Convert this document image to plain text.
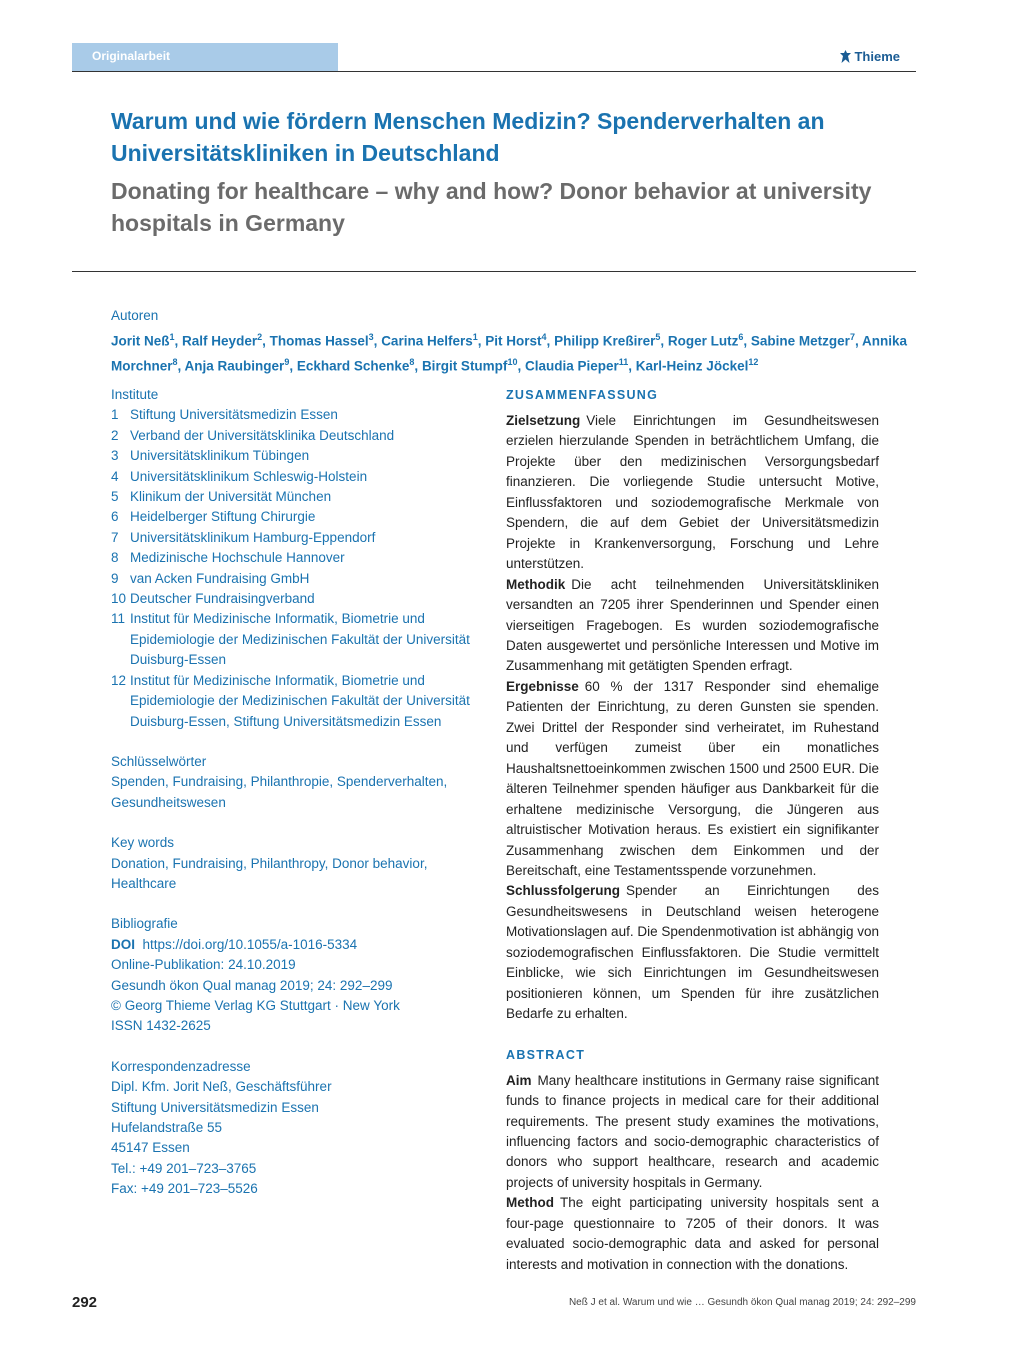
Originalarbeit	Thieme
Warum und wie fördern Menschen Medizin? Spenderverhalten an Universitätskliniken in Deutschland
Donating for healthcare – why and how? Donor behavior at university hospitals in Germany
Autoren
Jorit Neß$^1$, Ralf Heyder$^2$, Thomas Hassel$^3$, Carina Helfers$^1$, Pit Horst$^4$, Philipp Kreßirer$^5$, Roger Lutz$^6$, Sabine Metzger$^7$, Annika Morchner$^8$, Anja Raubinger$^9$, Eckhard Schenke$^8$, Birgit Stumpf$^{10}$, Claudia Pieper$^{11}$, Karl-Heinz Jöckel$^{12}$
Institute
1 Stiftung Universitätsmedizin Essen
2 Verband der Universitätsklinika Deutschland
3 Universitätsklinikum Tübingen
4 Universitätsklinikum Schleswig-Holstein
5 Klinikum der Universität München
6 Heidelberger Stiftung Chirurgie
7 Universitätsklinikum Hamburg-Eppendorf
8 Medizinische Hochschule Hannover
9 van Acken Fundraising GmbH
10 Deutscher Fundraisingverband
11 Institut für Medizinische Informatik, Biometrie und Epidemiologie der Medizinischen Fakultät der Universität Duisburg-Essen
12 Institut für Medizinische Informatik, Biometrie und Epidemiologie der Medizinischen Fakultät der Universität Duisburg-Essen, Stiftung Universitätsmedizin Essen
Schlüsselwörter
Spenden, Fundraising, Philanthropie, Spenderverhalten, Gesundheitswesen
Key words
Donation, Fundraising, Philanthropy, Donor behavior, Healthcare
Bibliografie
DOI https://doi.org/10.1055/a-1016-5334
Online-Publikation: 24.10.2019
Gesundh ökon Qual manag 2019; 24: 292–299
© Georg Thieme Verlag KG Stuttgart · New York
ISSN 1432-2625
Korrespondenzadresse
Dipl. Kfm. Jorit Neß, Geschäftsführer
Stiftung Universitätsmedizin Essen
Hufelandstraße 55
45147 Essen
Tel.: +49 201–723–3765
Fax: +49 201–723–5526
ZUSAMMENFASSUNG

Zielsetzung Viele Einrichtungen im Gesundheitswesen erzielen hierzulande Spenden in beträchtlichem Umfang, die Projekte über den medizinischen Versorgungsbedarf finanzieren. Die vorliegende Studie untersucht Motive, Einflussfaktoren und soziodemografische Merkmale von Spendern, die auf dem Gebiet der Universitätsmedizin Projekte in Krankenversorgung, Forschung und Lehre unterstützen.

Methodik Die acht teilnehmenden Universitätskliniken versandten an 7205 ihrer Spenderinnen und Spender einen vierseitigen Fragebogen. Es wurden soziodemografische Daten ausgewertet und persönliche Interessen und Motive im Zusammenhang mit getätigten Spenden erfragt.

Ergebnisse 60 % der 1317 Responder sind ehemalige Patienten der Einrichtung, zu deren Gunsten sie spenden. Zwei Drittel der Responder sind verheiratet, im Ruhestand und verfügen zumeist über ein monatliches Haushaltsnettoeinkommen zwischen 1500 und 2500 EUR. Die älteren Teilnehmer spenden häufiger aus Dankbarkeit für die erhaltene medizinische Versorgung, die Jüngeren aus altruistischer Motivation heraus. Es existiert ein signifikanter Zusammenhang zwischen dem Einkommen und der Bereitschaft, eine Testamentsspende vorzunehmen.

Schlussfolgerung Spender an Einrichtungen des Gesundheitswesens in Deutschland weisen heterogene Motivationslagen auf. Die Spendenmotivation ist abhängig von soziodemografischen Einflussfaktoren. Die Studie vermittelt Einblicke, wie sich Einrichtungen im Gesundheitswesen positionieren können, um Spenden für ihre zusätzlichen Bedarfe zu erhalten.

ABSTRACT

Aim Many healthcare institutions in Germany raise significant funds to finance projects in medical care for their additional requirements. The present study examines the motivations, influencing factors and socio-demographic characteristics of donors who support healthcare, research and academic projects of university hospitals in Germany.

Method The eight participating university hospitals sent a four-page questionnaire to 7205 of their donors. It was evaluated socio-demographic data and asked for personal interests and motivation in connection with the donations.

292	Neß J et al. Warum und wie … Gesundh ökon Qual manag 2019; 24: 292–299
